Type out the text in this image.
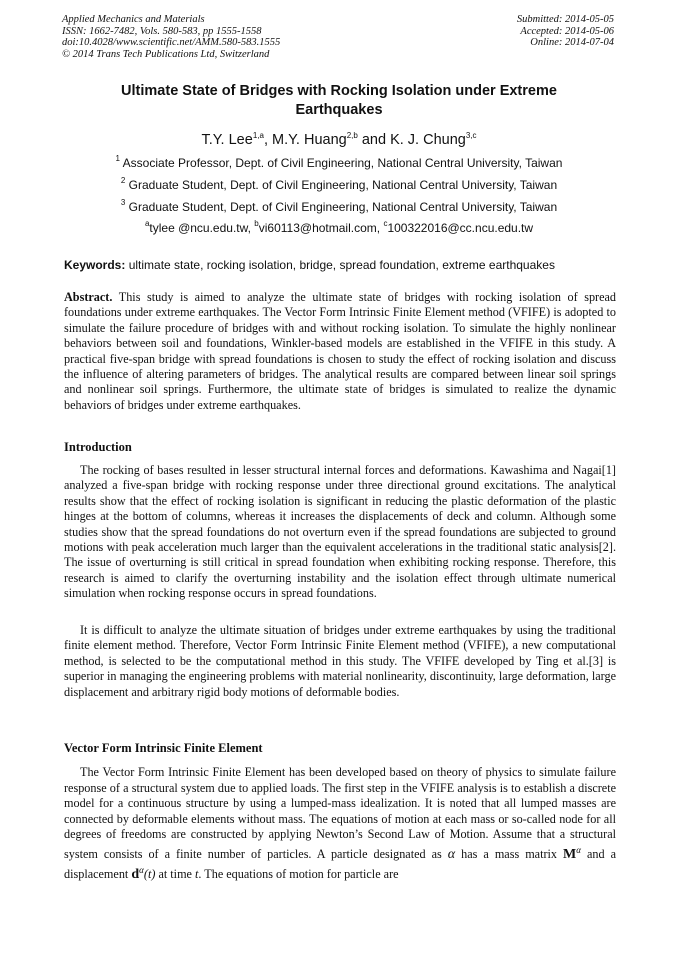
Applied Mechanics and Materials
ISSN: 1662-7482, Vols. 580-583, pp 1555-1558
doi:10.4028/www.scientific.net/AMM.580-583.1555
© 2014 Trans Tech Publications Ltd, Switzerland
Submitted: 2014-05-05
Accepted: 2014-05-06
Online: 2014-07-04
Ultimate State of Bridges with Rocking Isolation under Extreme Earthquakes
T.Y. Lee$^{1,a}$, M.Y. Huang$^{2,b}$ and K. J. Chung$^{3,c}$
$^1$ Associate Professor, Dept. of Civil Engineering, National Central University, Taiwan
$^2$ Graduate Student, Dept. of Civil Engineering, National Central University, Taiwan
$^3$ Graduate Student, Dept. of Civil Engineering, National Central University, Taiwan
$^a$tylee @ncu.edu.tw, $^b$vi60113@hotmail.com, $^c$100322016@cc.ncu.edu.tw
Keywords: ultimate state, rocking isolation, bridge, spread foundation, extreme earthquakes
Abstract. This study is aimed to analyze the ultimate state of bridges with rocking isolation of spread foundations under extreme earthquakes. The Vector Form Intrinsic Finite Element method (VFIFE) is adopted to simulate the failure procedure of bridges with and without rocking isolation. To simulate the highly nonlinear behaviors between soil and foundations, Winkler-based models are established in the VFIFE in this study. A practical five-span bridge with spread foundations is chosen to study the effect of rocking isolation and discuss the influence of altering parameters of bridges. The analytical results are compared between linear soil springs and nonlinear soil springs. Furthermore, the ultimate state of bridges is simulated to realize the dynamic behaviors of bridges under extreme earthquakes.
Introduction
The rocking of bases resulted in lesser structural internal forces and deformations. Kawashima and Nagai[1] analyzed a five-span bridge with rocking response under three directional ground excitations. The analytical results show that the effect of rocking isolation is significant in reducing the plastic deformation of the plastic hinges at the bottom of columns, whereas it increases the displacements of deck and column. Although some studies show that the spread foundations do not overturn even if the spread foundations are subjected to ground motions with peak acceleration much larger than the equivalent accelerations in the traditional static analysis[2]. The issue of overturning is still critical in spread foundation when exhibiting rocking response. Therefore, this research is aimed to clarify the overturning instability and the isolation effect through ultimate numerical simulation when rocking response occurs in spread foundations.
It is difficult to analyze the ultimate situation of bridges under extreme earthquakes by using the traditional finite element method. Therefore, Vector Form Intrinsic Finite Element method (VFIFE), a new computational method, is selected to be the computational method in this study. The VFIFE developed by Ting et al.[3] is superior in managing the engineering problems with material nonlinearity, discontinuity, large deformation, large displacement and arbitrary rigid body motions of deformable bodies.
Vector Form Intrinsic Finite Element
The Vector Form Intrinsic Finite Element has been developed based on theory of physics to simulate failure response of a structural system due to applied loads. The first step in the VFIFE analysis is to establish a discrete model for a continuous structure by using a lumped-mass idealization. It is noted that all lumped masses are connected by deformable elements without mass. The equations of motion at each mass or so-called node for all degrees of freedoms are constructed by applying Newton’s Second Law of Motion. Assume that a structural system consists of a finite number of particles. A particle designated as α has a mass matrix $M^\alpha$ and a displacement $d^\alpha(t)$ at time t. The equations of motion for particle are
